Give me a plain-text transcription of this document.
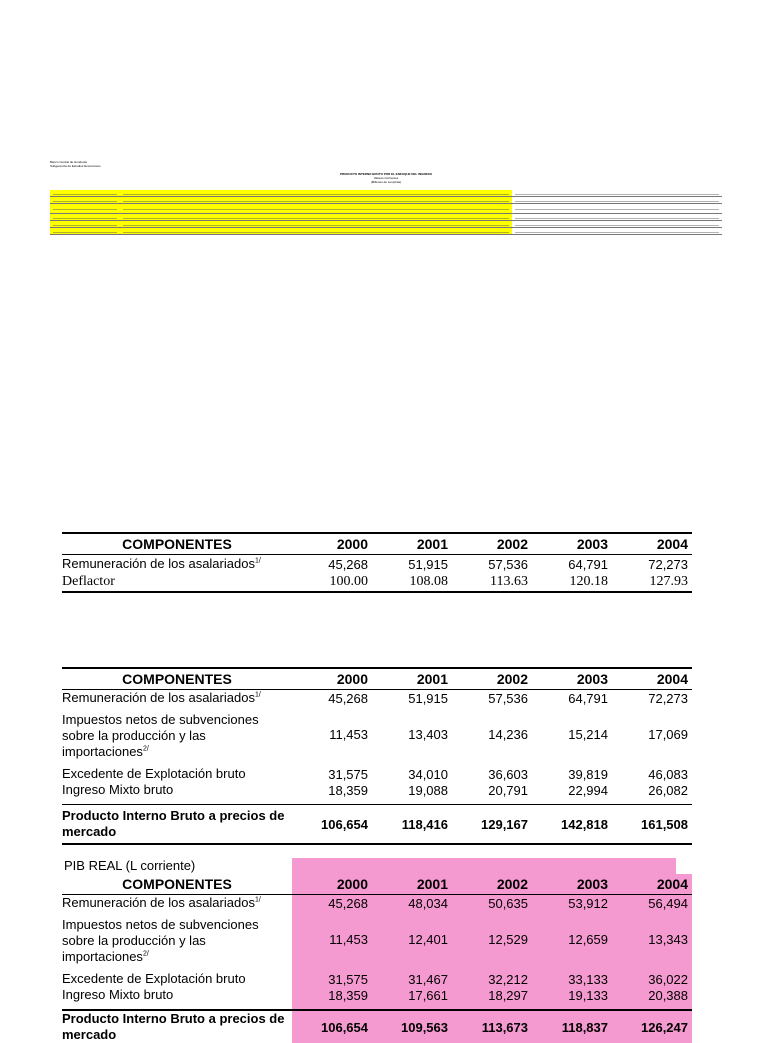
Banco Central de Honduras
Subgerencia de Estudios Económicos
PRODUCTO INTERNO BRUTO POR EL ENFOQUE DEL INGRESO
Valores Corrientes
(Millones de Lempiras)

COMPONENTES	2000	2001	2002	2003	2004
Remuneración de los asalariados$^{1/}$	45,268	51,915	57,536	64,791	72,273
Deflactor	100.00	108.08	113.63	120.18	127.93
COMPONENTES	2000	2001	2002	2003	2004
Remuneración de los asalariados$^{1/}$	45,268	51,915	57,536	64,791	72,273
Impuestos netos de subvenciones sobre la producción y las importaciones$^{2/}$	11,453	13,403	14,236	15,214	17,069
Excedente de Explotación bruto	31,575	34,010	36,603	39,819	46,083
Ingreso Mixto bruto	18,359	19,088	20,791	22,994	26,082
Producto Interno Bruto a precios de mercado	106,654	118,416	129,167	142,818	161,508
PIB REAL (L corriente)
COMPONENTES	2000	2001	2002	2003	2004
Remuneración de los asalariados$^{1/}$	45,268	48,034	50,635	53,912	56,494
Impuestos netos de subvenciones sobre la producción y las importaciones$^{2/}$	11,453	12,401	12,529	12,659	13,343
Excedente de Explotación bruto	31,575	31,467	32,212	33,133	36,022
Ingreso Mixto bruto	18,359	17,661	18,297	19,133	20,388
Producto Interno Bruto a precios de mercado	106,654	109,563	113,673	118,837	126,247
